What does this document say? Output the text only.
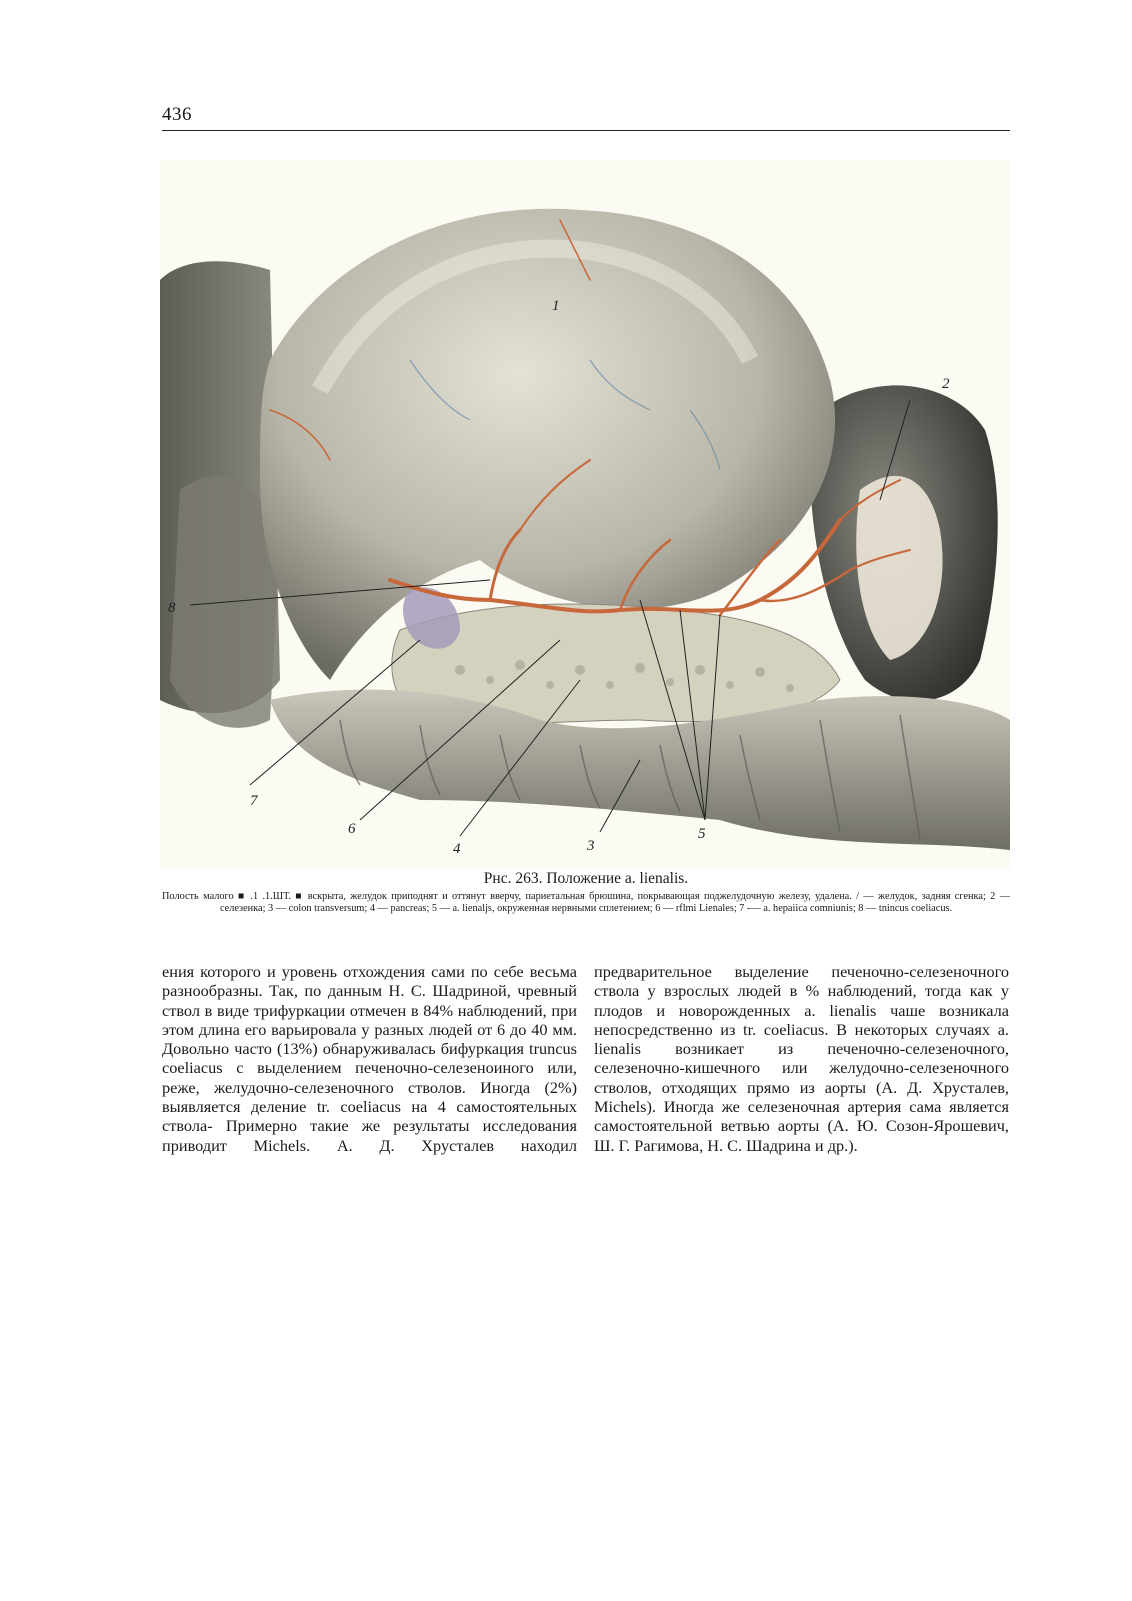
436
1
2
3
4
5
6
7
8
Рнс. 263. Положение a. lienalis.
Полость малого ■ .1 .1.ШТ. ■ вскрыта, желудок приподнят и оттянут вверчу, париетальная брюшина, покрывающая поджелудочную железу, удалена. / — желудок, задняя сгенка; 2 — селезенка; 3 — colon transversum; 4 — pancreas; 5 — a. lienaljs, окруженная нервными сплетением; 6 — rflmi Lienales; 7 -— a. hepaiica comniunis; 8 — tnincus coeliacus.

ения которого и уровень отхождения сами по себе весьма разнообразны. Так, по данным Н. С. Шадриной, чревный ствол в виде трифуркации отмечен в 84% наблюдений, при этом длина его варьировала у разных людей от 6 до 40 мм. Довольно часто (13%) обнаруживалась бифуркация truncus coeliacus с выделением печеночно-селезеноиного или, реже, желудочно-селезеночного стволов. Иногда (2%) выявляется деление tr. coeliacus на 4 самостоятельных ствола- Примерно такие же результаты исследования приводит Michels. А. Д. Хрусталев находил

предварительное выделение печеночно-селезеночного ствола у взрослых людей в % наблюдений, тогда как у плодов и новорожденных a. lienalis чаше возникала непосредственно из tr. coeliacus. В некоторых случаях a. lienalis возникает из печеночно-селезеночного, селезеночно-кишечного или желудочно-селезеночного стволов, отходящих прямо из аорты (А. Д. Хрусталев, Michels). Иногда же селезеночная артерия сама является самостоятельной ветвью аорты (А. Ю. Созон-Ярошевич, Ш. Г. Рагимова, Н. С. Шадрина и др.).
